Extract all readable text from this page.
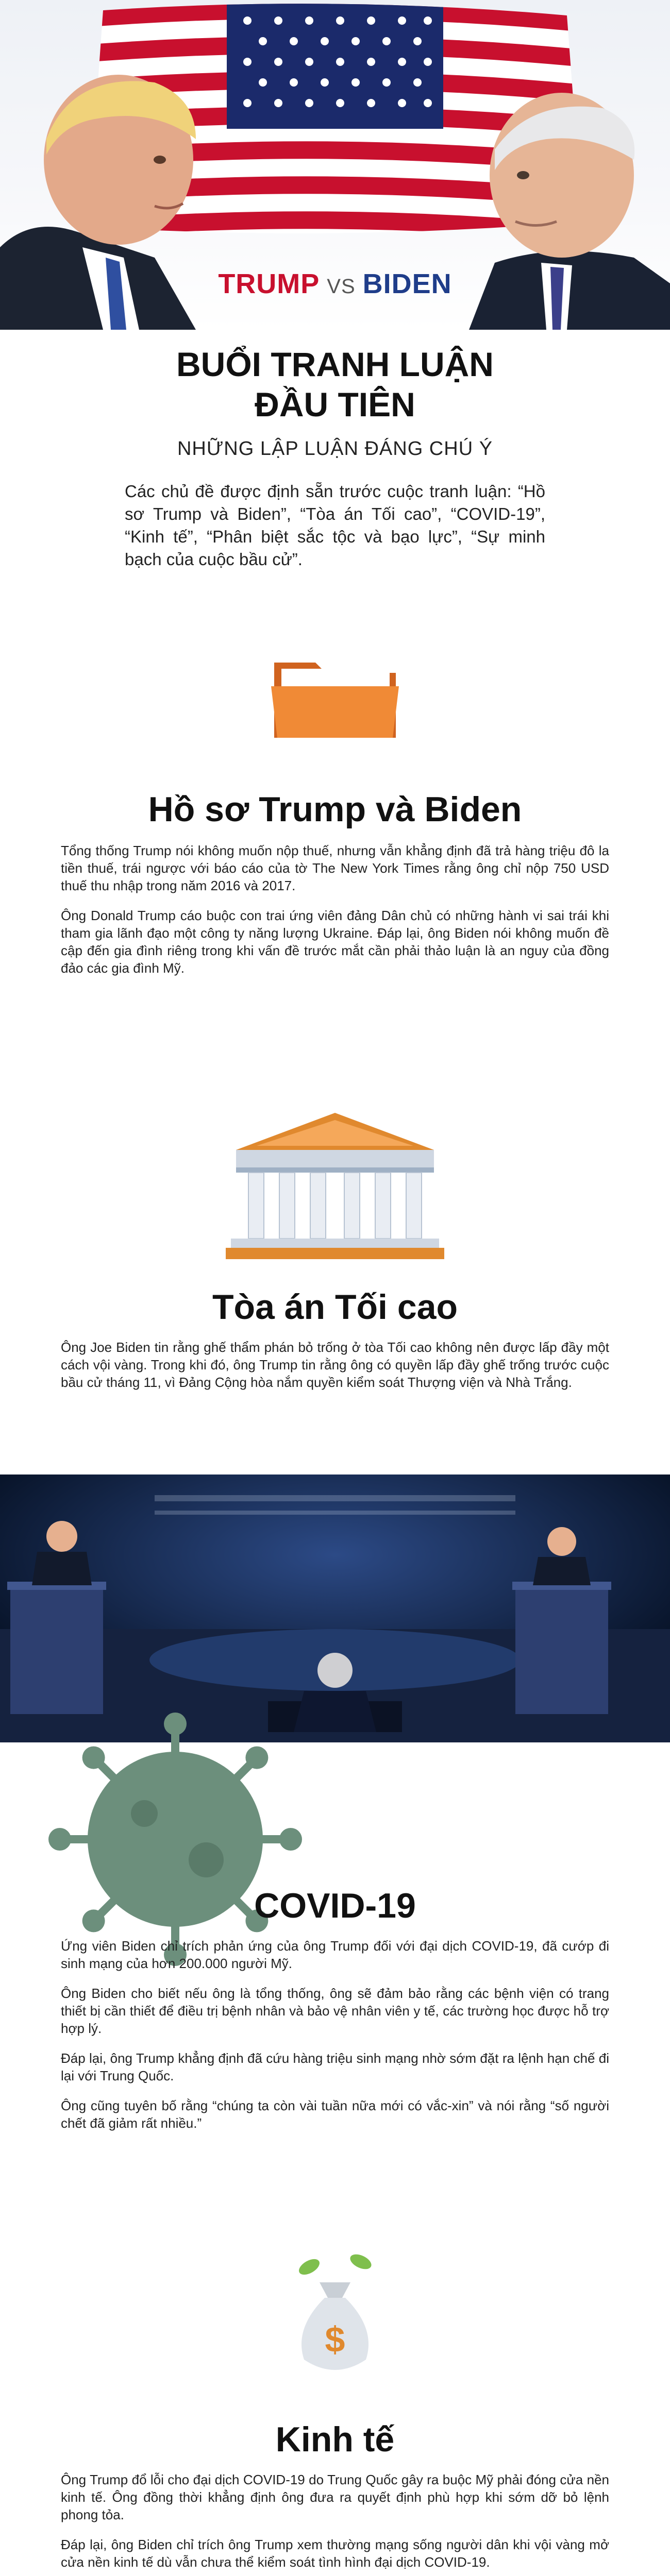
TRUMP VS BIDEN
BUỔI TRANH LUẬN
ĐẦU TIÊN
NHỮNG LẬP LUẬN ĐÁNG CHÚ Ý
Các chủ đề được định sẵn trước cuộc tranh luận: “Hồ sơ Trump và Biden”, “Tòa án Tối cao”, “COVID-19”, “Kinh tế”, “Phân biệt sắc tộc và bạo lực”, “Sự minh bạch của cuộc bầu cử”.
Hồ sơ Trump và Biden

Tổng thống Trump nói không muốn nộp thuế, nhưng vẫn khẳng định đã trả hàng triệu đô la tiền thuế, trái ngược với báo cáo của tờ The New York Times rằng ông chỉ nộp 750 USD thuế thu nhập trong năm 2016 và 2017.

Ông Donald Trump cáo buộc con trai ứng viên đảng Dân chủ có những hành vi sai trái khi tham gia lãnh đạo một công ty năng lượng Ukraine. Đáp lại, ông Biden nói không muốn đề cập đến gia đình riêng trong khi vấn đề trước mắt cần phải thảo luận là an nguy của đồng đảo các gia đình Mỹ.

Tòa án Tối cao

Ông Joe Biden tin rằng ghế thẩm phán bỏ trống ở tòa Tối cao không nên được lấp đầy một cách vội vàng. Trong khi đó, ông Trump tin rằng ông có quyền lấp đầy ghế trống trước cuộc bầu cử tháng 11, vì Đảng Cộng hòa nắm quyền kiểm soát Thượng viện và Nhà Trắng.

COVID-19

Ứng viên Biden chỉ trích phản ứng của ông Trump đối với đại dịch COVID-19, đã cướp đi sinh mạng của hơn 200.000 người Mỹ.

Ông Biden cho biết nếu ông là tổng thống, ông sẽ đảm bảo rằng các bệnh viện có trang thiết bị cần thiết để điều trị bệnh nhân và bảo vệ nhân viên y tế, các trường học được hỗ trợ hợp lý.

Đáp lại, ông Trump khẳng định đã cứu hàng triệu sinh mạng nhờ sớm đặt ra lệnh hạn chế đi lại với Trung Quốc.

Ông cũng tuyên bố rằng “chúng ta còn vài tuần nữa mới có vắc-xin” và nói rằng “số người chết đã giảm rất nhiều.”

$
Kinh tế

Ông Trump đổ lỗi cho đại dịch COVID-19 do Trung Quốc gây ra buộc Mỹ phải đóng cửa nền kinh tế. Ông đồng thời khẳng định ông đưa ra quyết định phù hợp khi sớm dỡ bỏ lệnh phong tỏa.

Đáp lại, ông Biden chỉ trích ông Trump xem thường mạng sống người dân khi vội vàng mở cửa nền kinh tế dù vẫn chưa thể kiểm soát tình hình đại dịch COVID-19.
